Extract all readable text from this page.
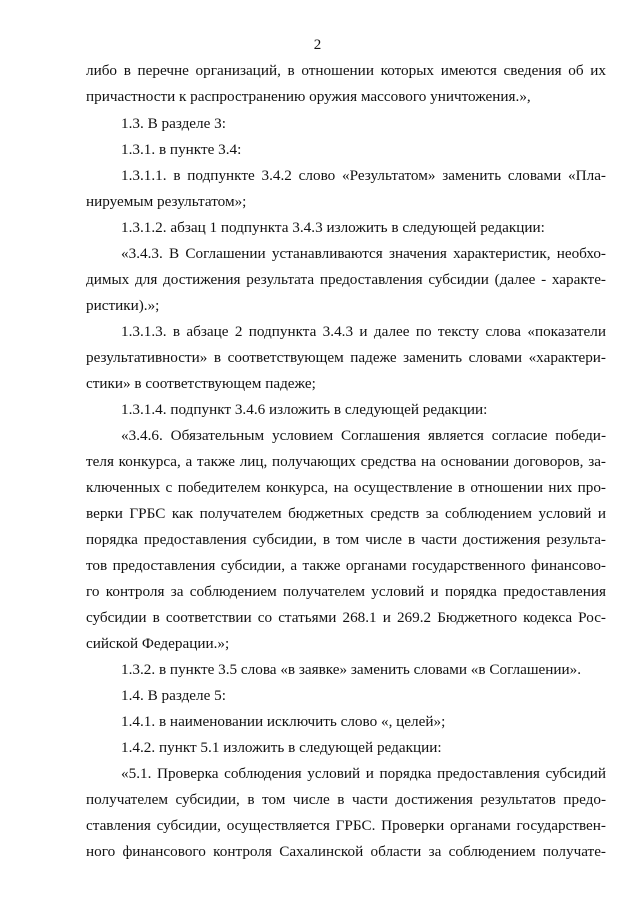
2
либо в перечне организаций, в отношении которых имеются сведения об их
причастности к распространению оружия массового уничтожения.»,
1.3. В разделе 3:
1.3.1. в пункте 3.4:
1.3.1.1. в подпункте 3.4.2 слово «Результатом» заменить словами «Пла-
нируемым результатом»;
1.3.1.2. абзац 1 подпункта 3.4.3 изложить в следующей редакции:
«3.4.3. В Соглашении устанавливаются значения характеристик, необхо-
димых для достижения результата предоставления субсидии (далее - характе-
ристики).»;
1.3.1.3. в абзаце 2 подпункта 3.4.3 и далее по тексту слова «показатели
результативности» в соответствующем падеже заменить словами «характери-
стики» в соответствующем падеже;
1.3.1.4. подпункт 3.4.6 изложить в следующей редакции:
«3.4.6. Обязательным условием Соглашения является согласие победи-
теля конкурса, а также лиц, получающих средства на основании договоров, за-
ключенных с победителем конкурса, на осуществление в отношении них про-
верки ГРБС как получателем бюджетных средств за соблюдением условий и
порядка предоставления субсидии, в том числе в части достижения результа-
тов предоставления субсидии, а также органами государственного финансово-
го контроля за соблюдением получателем условий и порядка предоставления
субсидии в соответствии со статьями 268.1 и 269.2 Бюджетного кодекса Рос-
сийской Федерации.»;
1.3.2. в пункте 3.5 слова «в заявке» заменить словами «в Соглашении».
1.4. В разделе 5:
1.4.1. в наименовании исключить слово «, целей»;
1.4.2. пункт 5.1 изложить в следующей редакции:
«5.1. Проверка соблюдения условий и порядка предоставления субсидий
получателем субсидии, в том числе в части достижения результатов предо-
ставления субсидии, осуществляется ГРБС. Проверки органами государствен-
ного финансового контроля Сахалинской области за соблюдением получате-
